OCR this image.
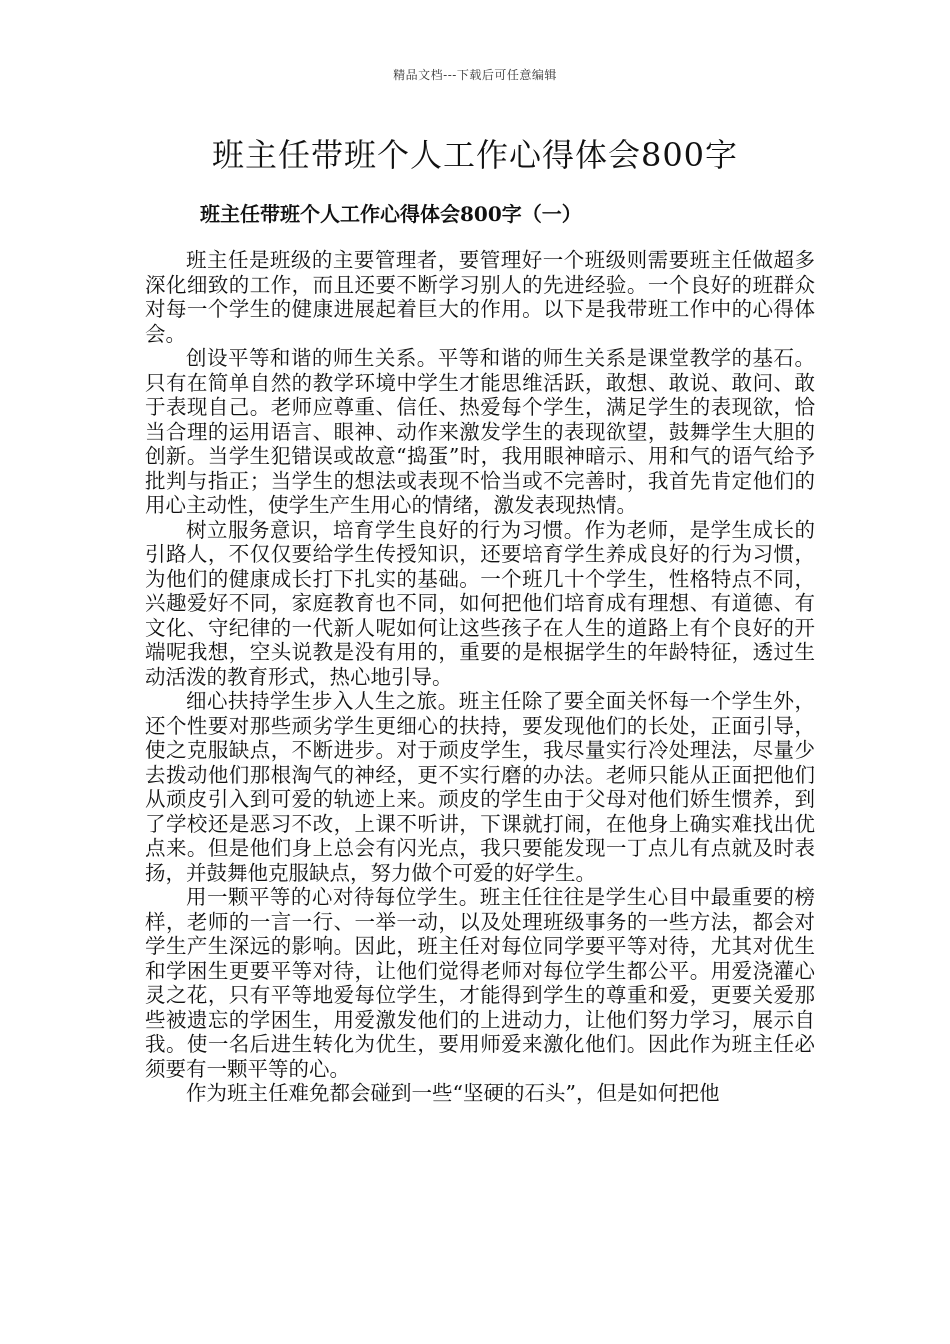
精品文档---下载后可任意编辑
班主任带班个人工作心得体会800字
班主任带班个人工作心得体会800字（一）

班主任是班级的主要管理者，要管理好一个班级则需要班主任做超多深化细致的工作，而且还要不断学习别人的先进经验。一个良好的班群众对每一个学生的健康进展起着巨大的作用。以下是我带班工作中的心得体会。

创设平等和谐的师生关系。平等和谐的师生关系是课堂教学的基石。只有在简单自然的教学环境中学生才能思维活跃，敢想、敢说、敢问、敢于表现自己。老师应尊重、信任、热爱每个学生，满足学生的表现欲，恰当合理的运用语言、眼神、动作来激发学生的表现欲望，鼓舞学生大胆的创新。当学生犯错误或故意“捣蛋”时，我用眼神暗示、用和气的语气给予批判与指正；当学生的想法或表现不恰当或不完善时，我首先肯定他们的用心主动性，使学生产生用心的情绪，激发表现热情。

树立服务意识，培育学生良好的行为习惯。作为老师，是学生成长的引路人，不仅仅要给学生传授知识，还要培育学生养成良好的行为习惯，为他们的健康成长打下扎实的基础。一个班几十个学生，性格特点不同，兴趣爱好不同，家庭教育也不同，如何把他们培育成有理想、有道德、有文化、守纪律的一代新人呢如何让这些孩子在人生的道路上有个良好的开端呢我想，空头说教是没有用的，重要的是根据学生的年龄特征，透过生动活泼的教育形式，热心地引导。

细心扶持学生步入人生之旅。班主任除了要全面关怀每一个学生外，还个性要对那些顽劣学生更细心的扶持，要发现他们的长处，正面引导，使之克服缺点，不断进步。对于顽皮学生，我尽量实行冷处理法，尽量少去拨动他们那根淘气的神经，更不实行磨的办法。老师只能从正面把他们从顽皮引入到可爱的轨迹上来。顽皮的学生由于父母对他们娇生惯养，到了学校还是恶习不改，上课不听讲，下课就打闹，在他身上确实难找出优点来。但是他们身上总会有闪光点，我只要能发现一丁点儿有点就及时表扬，并鼓舞他克服缺点，努力做个可爱的好学生。

用一颗平等的心对待每位学生。班主任往往是学生心目中最重要的榜样，老师的一言一行、一举一动，以及处理班级事务的一些方法，都会对学生产生深远的影响。因此，班主任对每位同学要平等对待，尤其对优生和学困生更要平等对待，让他们觉得老师对每位学生都公平。用爱浇灌心灵之花，只有平等地爱每位学生，才能得到学生的尊重和爱，更要关爱那些被遗忘的学困生，用爱激发他们的上进动力，让他们努力学习，展示自我。使一名后进生转化为优生，要用师爱来激化他们。因此作为班主任必须要有一颗平等的心。

作为班主任难免都会碰到一些“坚硬的石头”，但是如何把他
